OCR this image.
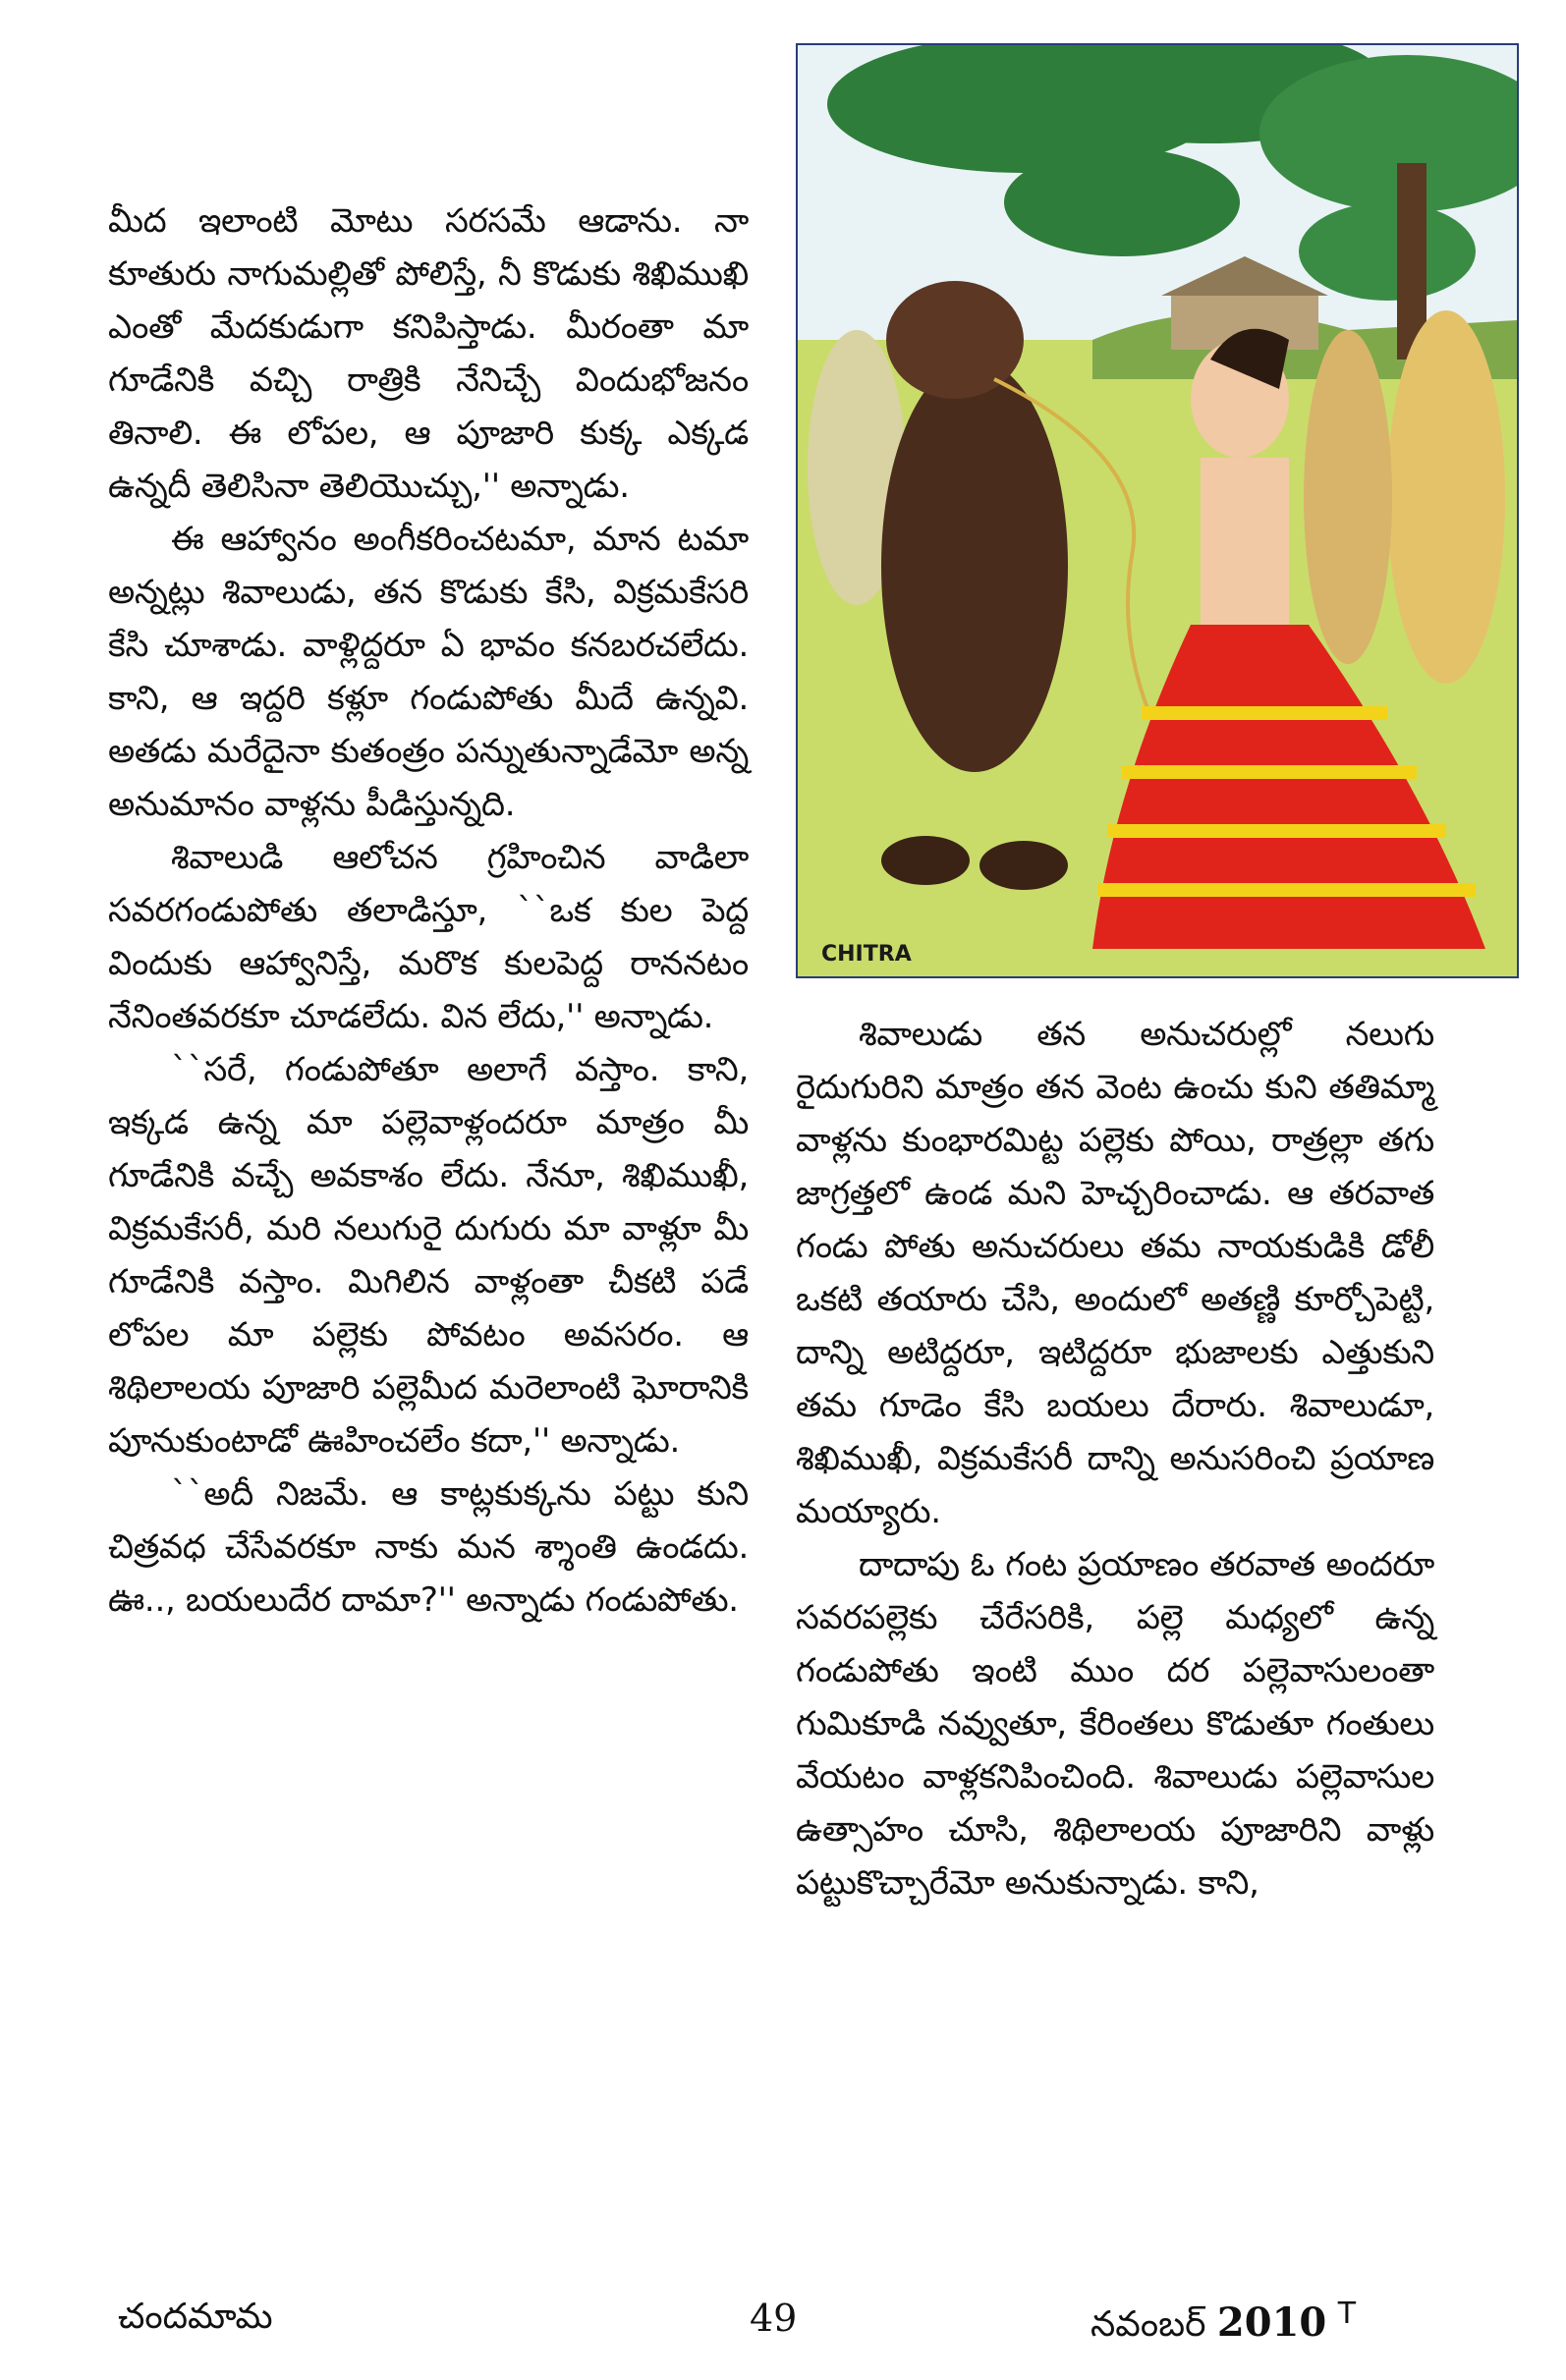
మీద ఇలాంటి మోటు సరసమే ఆడాను. నా కూతురు నాగుమల్లితో పోలిస్తే, నీ కొడుకు శిఖిముఖి ఎంతో మేదకుడుగా కనిపిస్తాడు. మీరంతా మా గూడేనికి వచ్చి రాత్రికి నేనిచ్చే విందుభోజనం తినాలి. ఈ లోపల, ఆ పూజారి కుక్క ఎక్కడ ఉన్నదీ తెలిసినా తెలియొచ్చు,'' అన్నాడు.

ఈ ఆహ్వానం అంగీకరించటమా, మాన టమా అన్నట్లు శివాలుడు, తన కొడుకు కేసి, విక్రమకేసరి కేసి చూశాడు. వాళ్లిద్దరూ ఏ భావం కనబరచలేదు. కాని, ఆ ఇద్దరి కళ్లూ గండుపోతు మీదే ఉన్నవి. అతడు మరేదైనా కుతంత్రం పన్నుతున్నాడేమో అన్న అనుమానం వాళ్లను పీడిస్తున్నది.

శివాలుడి ఆలోచన గ్రహించిన వాడిలా సవరగండుపోతు తలాడిస్తూ, ``ఒక కుల పెద్ద విందుకు ఆహ్వానిస్తే, మరొక కులపెద్ద రానన‌టం నేనింతవరకూ చూడలేదు. విన లేదు,'' అన్నాడు.

``సరే, గండుపోతూ అలాగే వస్తాం. కాని, ఇక్కడ ఉన్న మా పల్లెవాళ్లందరూ మాత్రం మీ గూడేనికి వచ్చే అవకాశం లేదు. నేనూ, శిఖిముఖీ, విక్రమకేసరీ, మరి నలుగురై దుగురు మా వాళ్లూ మీ గూడేనికి వస్తాం. మిగిలిన వాళ్లంతా చీకటి పడే లోపల మా పల్లెకు పోవటం అవసరం. ఆ శిథిలాలయ పూజారి పల్లెమీద మరెలాంటి ఘోరానికి పూనుకుంటాడో ఊహించలేం కదా,'' అన్నాడు.

``అదీ నిజమే. ఆ కాట్లకుక్కను పట్టు కుని చిత్రవధ చేసేవరకూ నాకు మన శ్శాంతి ఉండదు. ఊ.., బయలుదేర దామా?'' అన్నాడు గండుపోతు.

CHITRA

శివాలుడు తన అనుచరుల్లో నలుగు రైదుగురిని మాత్రం తన వెంట ఉంచు కుని తతిమ్మా వాళ్లను కుంభారమిట్ట పల్లెకు పోయి, రాత్రల్లా తగు జాగ్రత్తలో ఉండ మని హెచ్చరించాడు. ఆ తరవాత గండు పోతు అనుచరులు తమ నాయకుడికి డోలీ ఒకటి తయారు చేసి, అందులో అతణ్ణి కూర్చోపెట్టి, దాన్ని అటిద్దరూ, ఇటిద్దరూ భుజాలకు ఎత్తుకుని తమ గూడెం కేసి బయలు దేరారు. శివాలుడూ, శిఖిముఖీ, విక్రమకేసరీ దాన్ని అనుసరించి ప్రయాణ మయ్యారు.

దాదాపు ఓ గంట ప్రయాణం తరవాత అందరూ సవరపల్లెకు చేరేసరికి, పల్లె మధ్యలో ఉన్న గండుపోతు ఇంటి ముం దర పల్లెవాసులంతా గుమికూడి నవ్వుతూ, కేరింతలు కొడుతూ గంతులు వేయటం వాళ్లకనిపించింది. శివాలుడు పల్లెవాసుల ఉత్సాహం చూసి, శిథిలాలయ పూజారిని వాళ్లు పట్టుకొచ్చారేమో అనుకున్నాడు. కాని,

చందమామ	49	నవంబర్ 2010 $^T$
